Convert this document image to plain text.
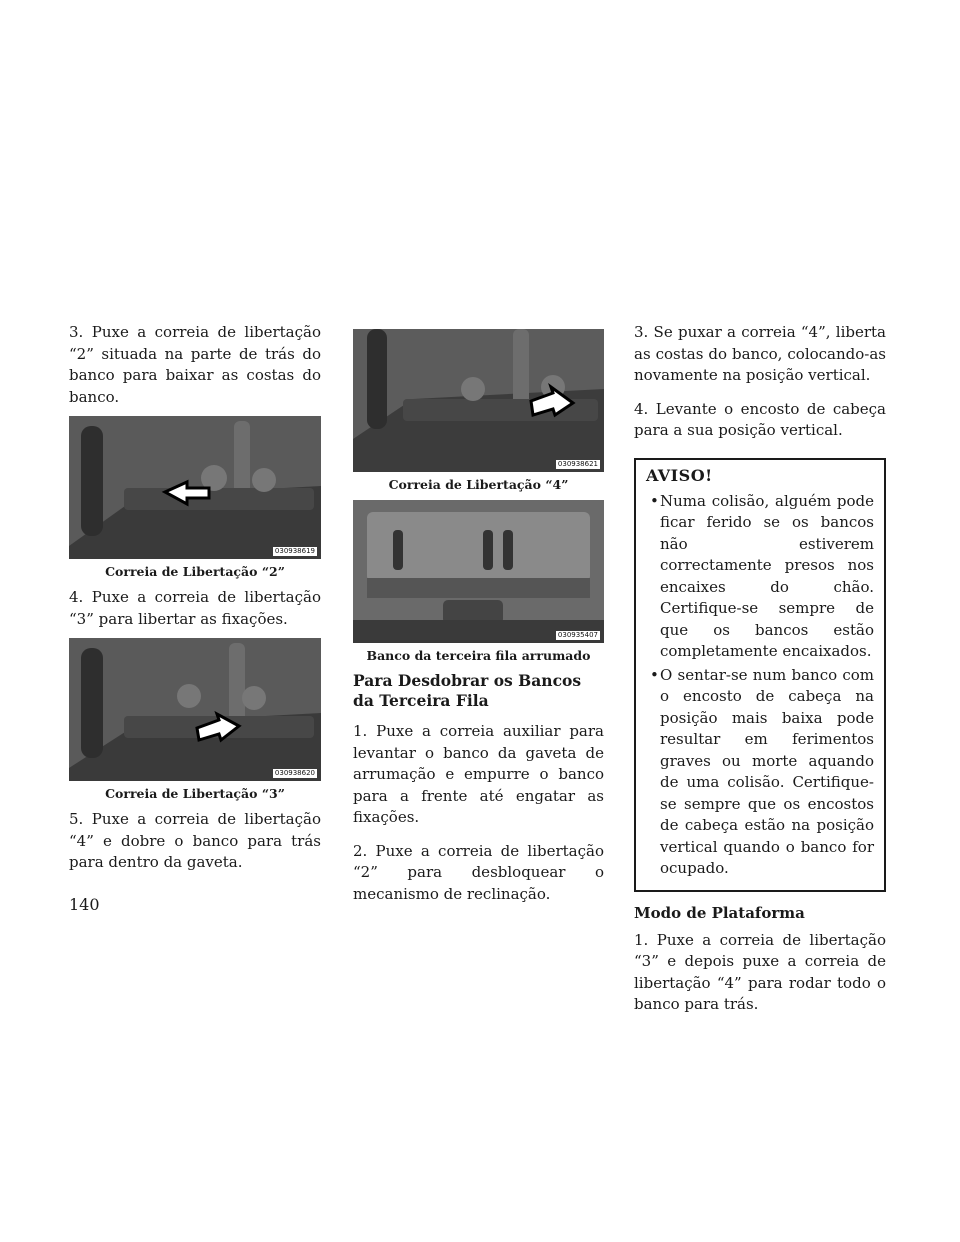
3. Puxe a correia de libertação “2” situada na parte de trás do banco para baixar as costas do banco.

030938619
Correia de Libertação “2”

4. Puxe a correia de libertação “3” para libertar as fixações.

030938620
Correia de Libertação “3”

5. Puxe a correia de libertação “4” e dobre o banco para trás para dentro da gaveta.

030938621
Correia de Libertação “4”
030935407
Banco da terceira fila arrumado
Para Desdobrar os Bancos da Terceira Fila

1. Puxe a correia auxiliar para levantar o banco da gaveta de arrumação e empurre o banco para a frente até engatar as fixações.

2. Puxe a correia de libertação “2” para desbloquear o mecanismo de reclinação.

3. Se puxar a correia “4”, liberta as costas do banco, colocando-as novamente na posição vertical.

4. Levante o encosto de cabeça para a sua posição vertical.

AVISO!
•Numa colisão, alguém pode ficar ferido se os bancos não estiverem correctamente presos nos encaixes do chão. Certifique-se sempre de que os bancos estão completamente encaixados.
•O sentar-se num banco com o encosto de cabeça na posição mais baixa pode resultar em ferimentos graves ou morte aquando de uma colisão. Certifique-se sempre que os encostos de cabeça estão na posição vertical quando o banco for ocupado.
Modo de Plataforma

1. Puxe a correia de libertação “3” e depois puxe a correia de libertação “4” para rodar todo o banco para trás.

140
